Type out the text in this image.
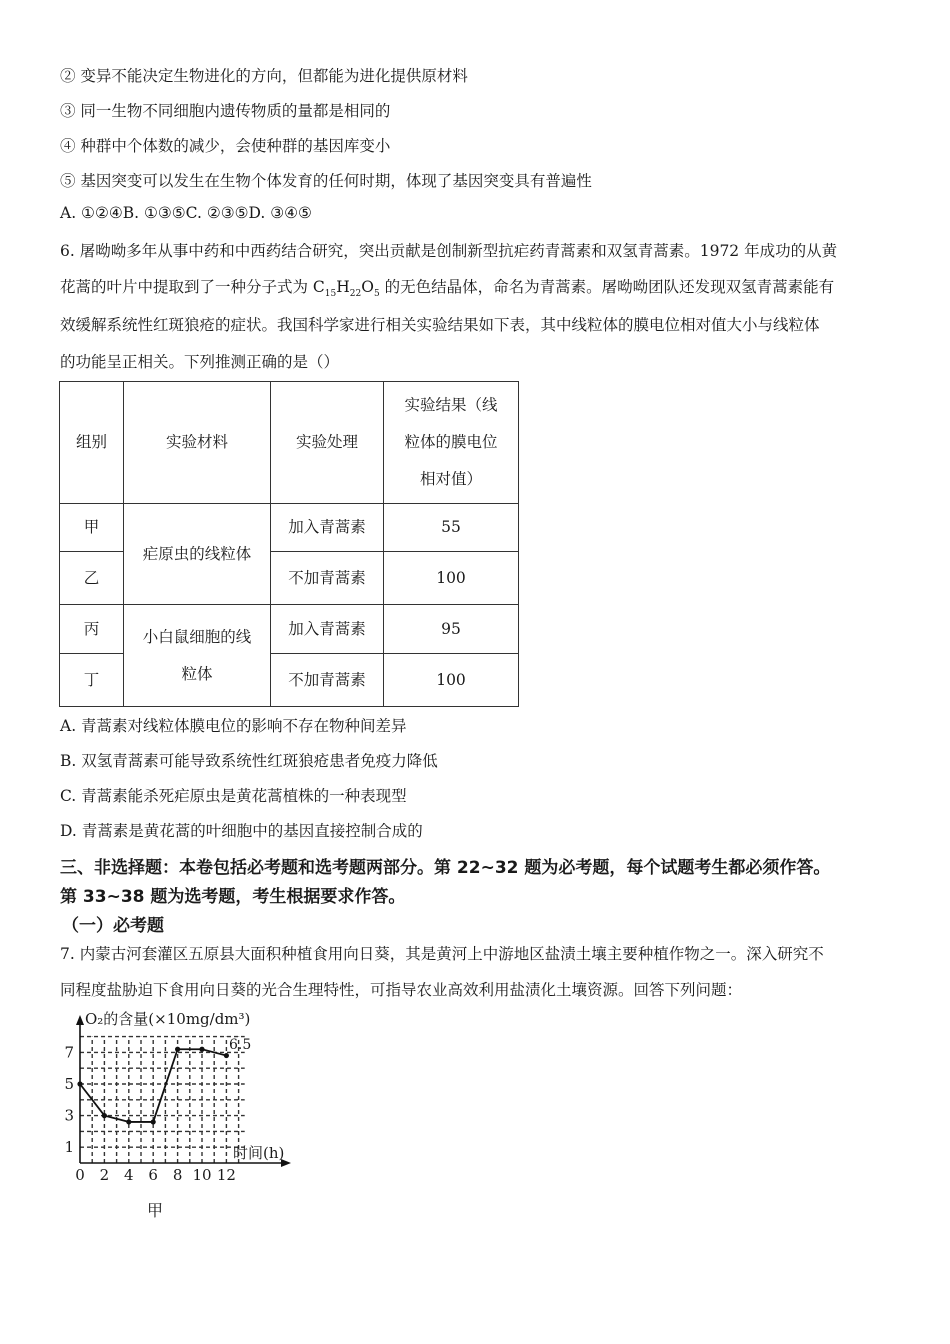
② 变异不能决定生物进化的方向，但都能为进化提供原材料
③ 同一生物不同细胞内遗传物质的量都是相同的
④ 种群中个体数的减少，会使种群的基因库变小
⑤ 基因突变可以发生在生物个体发育的任何时期，体现了基因突变具有普遍性
A. ①②④B. ①③⑤C. ②③⑤D. ③④⑤
6. 屠呦呦多年从事中药和中西药结合研究，突出贡献是创制新型抗疟药青蒿素和双氢青蒿素。1972 年成功的从黄
花蒿的叶片中提取到了一种分子式为 $C_{15}H_{22}O_5$ 的无色结晶体，命名为青蒿素。屠呦呦团队还发现双氢青蒿素能有
效缓解系统性红斑狼疮的症状。我国科学家进行相关实验结果如下表，其中线粒体的膜电位相对值大小与线粒体
的功能呈正相关。下列推测正确的是（）
组别	实验材料	实验处理	实验结果（线
粒体的膜电位
相对值）

甲	疟原虫的线粒体	加入青蒿素	55
乙		不加青蒿素	100
丙	小白鼠细胞的线
粒体	加入青蒿素	95
丁		不加青蒿素	100
A. 青蒿素对线粒体膜电位的影响不存在物种间差异
B. 双氢青蒿素可能导致系统性红斑狼疮患者免疫力降低
C. 青蒿素能杀死疟原虫是黄花蒿植株的一种表现型
D. 青蒿素是黄花蒿的叶细胞中的基因直接控制合成的
三、非选择题：本卷包括必考题和选考题两部分。第 22~32 题为必考题，每个试题考生都必须作答。
第 33~38 题为选考题，考生根据要求作答。
（一）必考题
7. 内蒙古河套灌区五原县大面积种植食用向日葵，其是黄河上中游地区盐渍土壤主要种植作物之一。深入研究不
同程度盐胁迫下食用向日葵的光合生理特性，可指导农业高效利用盐渍化土壤资源。回答下列问题：
0 2 4 6 8 10 12
1
3
5
7
O₂的含量(×10mg/dm³)
时间(h)
6.5
甲
